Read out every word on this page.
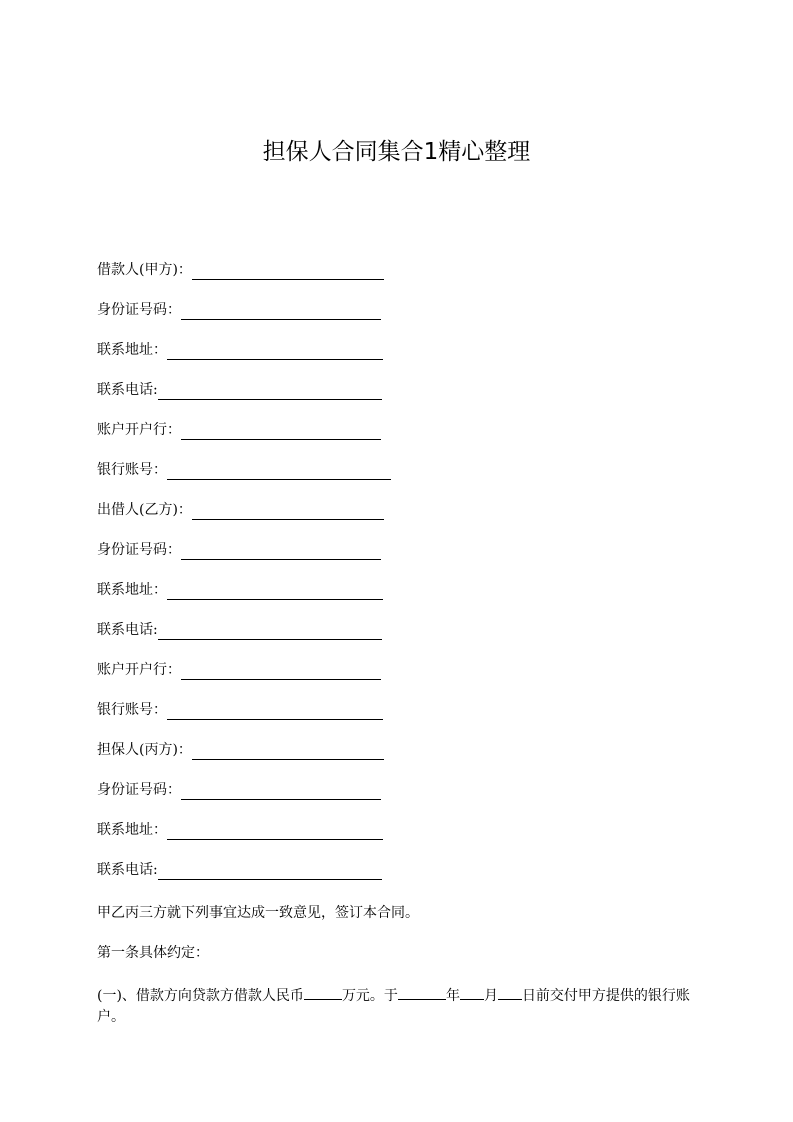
担保人合同集合1精心整理
借款人(甲方)：
身份证号码：
联系地址：
联系电话:
账户开户行：
银行账号：
出借人(乙方)：
身份证号码：
联系地址：
联系电话:
账户开户行：
银行账号：
担保人(丙方)：
身份证号码：
联系地址：
联系电话:
甲乙丙三方就下列事宜达成一致意见，签订本合同。
第一条具体约定：
(一)、借款方向贷款方借款人民币	万元。于	年 月 日前交付甲方提供的银行账户。
